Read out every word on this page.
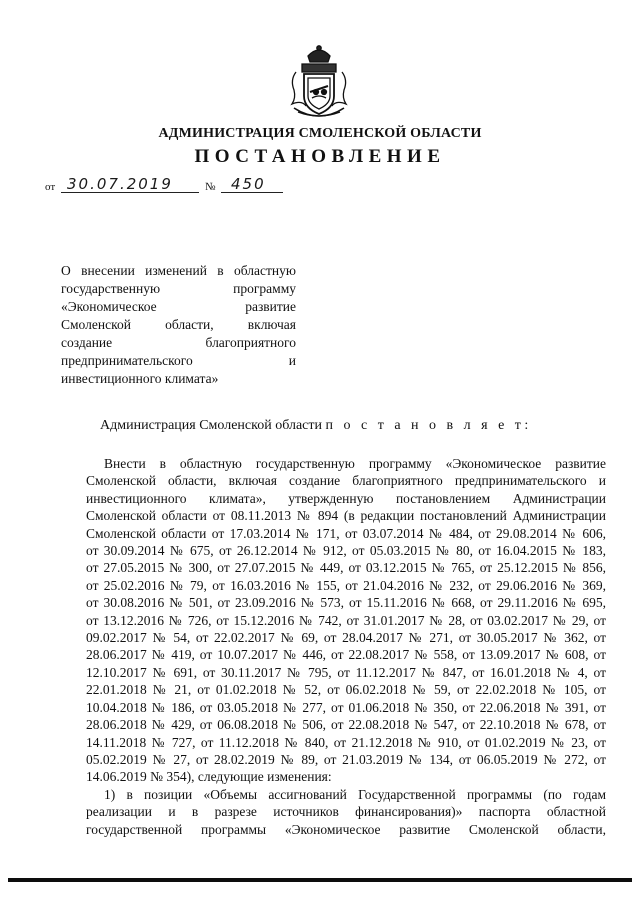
АДМИНИСТРАЦИЯ СМОЛЕНСКОЙ ОБЛАСТИ
ПОСТАНОВЛЕНИЕ
от 30.07.2019	№ 450
О внесении изменений в областную
государственную программу
«Экономическое развитие
Смоленской области, включая
создание благоприятного
предпринимательского и
инвестиционного климата»
Администрация Смоленской области п о с т а н о в л я е т:
Внести в областную государственную программу «Экономическое развитие
Смоленской области, включая создание благоприятного предпринимательского и
инвестиционного климата», утвержденную постановлением Администрации
Смоленской области от 08.11.2013 № 894 (в редакции постановлений Администрации
Смоленской области от 17.03.2014 № 171, от 03.07.2014 № 484, от 29.08.2014 № 606,
от 30.09.2014 № 675, от 26.12.2014 № 912, от 05.03.2015 № 80, от 16.04.2015 № 183,
от 27.05.2015 № 300, от 27.07.2015 № 449, от 03.12.2015 № 765, от 25.12.2015 № 856,
от 25.02.2016 № 79, от 16.03.2016 № 155, от 21.04.2016 № 232, от 29.06.2016 № 369,
от 30.08.2016 № 501, от 23.09.2016 № 573, от 15.11.2016 № 668, от 29.11.2016 № 695,
от 13.12.2016 № 726, от 15.12.2016 № 742, от 31.01.2017 № 28, от 03.02.2017 № 29, от
09.02.2017 № 54, от 22.02.2017 № 69, от 28.04.2017 № 271, от 30.05.2017 № 362, от
28.06.2017 № 419, от 10.07.2017 № 446, от 22.08.2017 № 558, от 13.09.2017 № 608, от
12.10.2017 № 691, от 30.11.2017 № 795, от 11.12.2017 № 847, от 16.01.2018 № 4, от
22.01.2018 № 21, от 01.02.2018 № 52, от 06.02.2018 № 59, от 22.02.2018 № 105, от
10.04.2018 № 186, от 03.05.2018 № 277, от 01.06.2018 № 350, от 22.06.2018 № 391, от
28.06.2018 № 429, от 06.08.2018 № 506, от 22.08.2018 № 547, от 22.10.2018 № 678, от
14.11.2018 № 727, от 11.12.2018 № 840, от 21.12.2018 № 910, от 01.02.2019 № 23, от
05.02.2019 № 27, от 28.02.2019 № 89, от 21.03.2019 № 134, от 06.05.2019 № 272, от
14.06.2019 № 354), следующие изменения:
1) в позиции «Объемы ассигнований Государственной программы (по годам
реализации и в разрезе источников финансирования)» паспорта областной
государственной программы «Экономическое развитие Смоленской области,
